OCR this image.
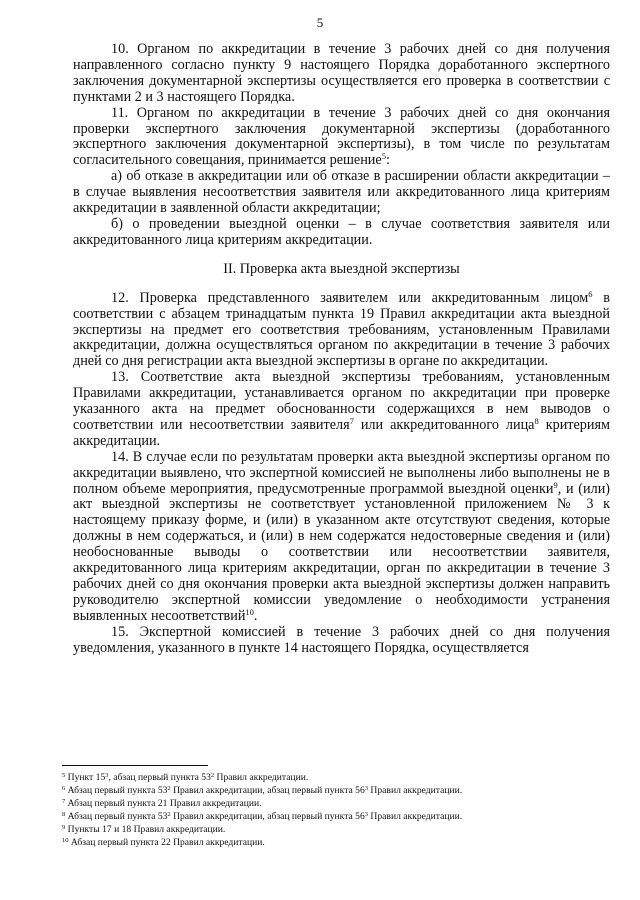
5

10. Органом по аккредитации в течение 3 рабочих дней со дня получения направленного согласно пункту 9 настоящего Порядка доработанного экспертного заключения документарной экспертизы осуществляется его проверка в соответствии с пунктами 2 и 3 настоящего Порядка.

11. Органом по аккредитации в течение 3 рабочих дней со дня окончания проверки экспертного заключения документарной экспертизы (доработанного экспертного заключения документарной экспертизы), в том числе по результатам согласительного совещания, принимается решение$^5$:

а) об отказе в аккредитации или об отказе в расширении области аккредитации – в случае выявления несоответствия заявителя или аккредитованного лица критериям аккредитации в заявленной области аккредитации;

б) о проведении выездной оценки – в случае соответствия заявителя или аккредитованного лица критериям аккредитации.

II. Проверка акта выездной экспертизы

12. Проверка представленного заявителем или аккредитованным лицом$^6$ в соответствии с абзацем тринадцатым пункта 19 Правил аккредитации акта выездной экспертизы на предмет его соответствия требованиям, установленным Правилами аккредитации, должна осуществляться органом по аккредитации в течение 3 рабочих дней со дня регистрации акта выездной экспертизы в органе по аккредитации.

13. Соответствие акта выездной экспертизы требованиям, установленным Правилами аккредитации, устанавливается органом по аккредитации при проверке указанного акта на предмет обоснованности содержащихся в нем выводов о соответствии или несоответствии заявителя$^7$ или аккредитованного лица$^8$ критериям аккредитации.

14. В случае если по результатам проверки акта выездной экспертизы органом по аккредитации выявлено, что экспертной комиссией не выполнены либо выполнены не в полном объеме мероприятия, предусмотренные программой выездной оценки$^9$, и (или) акт выездной экспертизы не соответствует установленной приложением № 3 к настоящему приказу форме, и (или) в указанном акте отсутствуют сведения, которые должны в нем содержаться, и (или) в нем содержатся недостоверные сведения и (или) необоснованные выводы о соответствии или несоответствии заявителя, аккредитованного лица критериям аккредитации, орган по аккредитации в течение 3 рабочих дней со дня окончания проверки акта выездной экспертизы должен направить руководителю экспертной комиссии уведомление о необходимости устранения выявленных несоответствий$^{10}$.

15. Экспертной комиссией в течение 3 рабочих дней со дня получения уведомления, указанного в пункте 14 настоящего Порядка, осуществляется

$^5$ Пункт $15^3$, абзац первый пункта $53^2$ Правил аккредитации.

$^6$ Абзац первый пункта $53^2$ Правил аккредитации, абзац первый пункта $56^3$ Правил аккредитации.

$^7$ Абзац первый пункта 21 Правил аккредитации.

$^8$ Абзац первый пункта $53^2$ Правил аккредитации, абзац первый пункта $56^3$ Правил аккредитации.

$^9$ Пункты 17 и 18 Правил аккредитации.

$^{10}$ Абзац первый пункта 22 Правил аккредитации.
